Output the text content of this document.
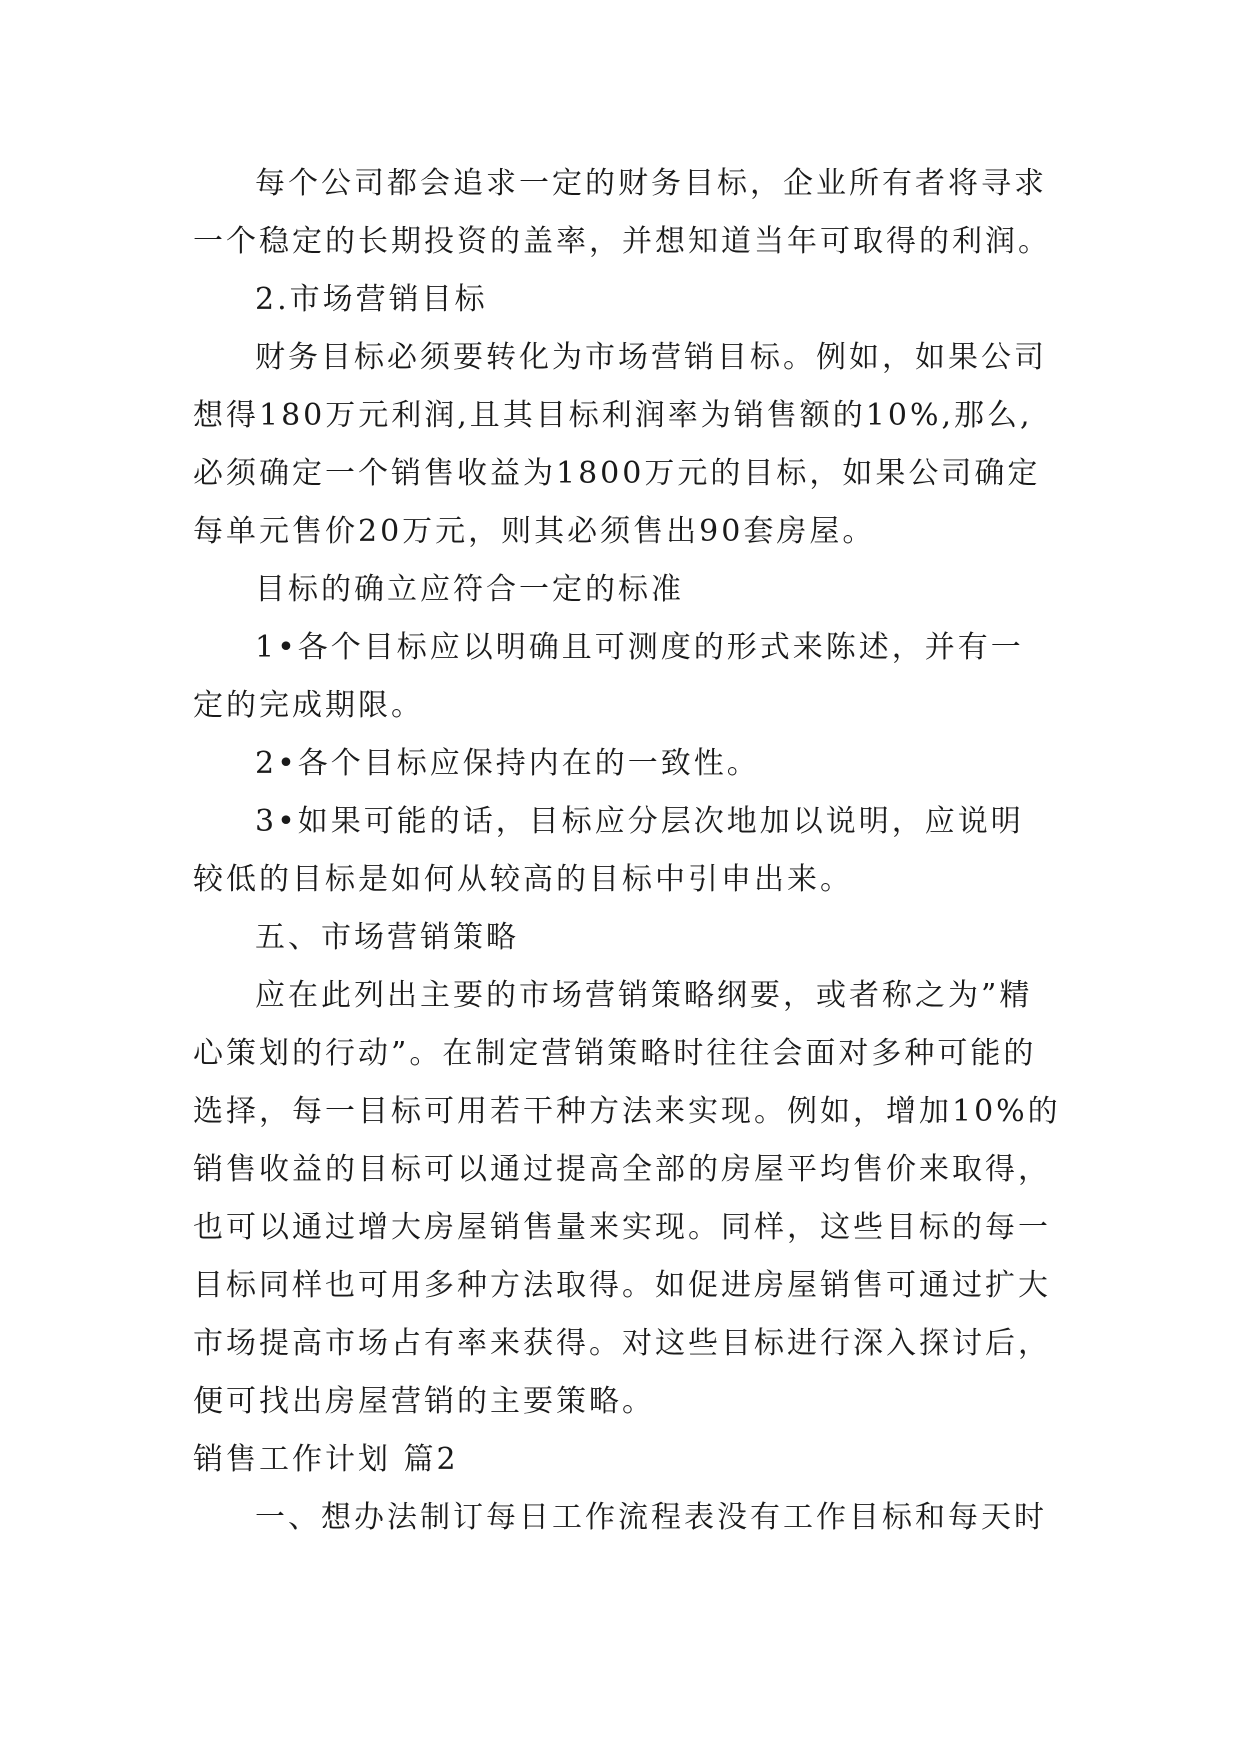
每个公司都会追求一定的财务目标，企业所有者将寻求
一个稳定的长期投资的盖率，并想知道当年可取得的利润。
2.市场营销目标
财务目标必须要转化为市场营销目标。例如，如果公司
想得180万元利润,且其目标利润率为销售额的10%,那么,
必须确定一个销售收益为1800万元的目标，如果公司确定
每单元售价20万元，则其必须售出90套房屋。
目标的确立应符合一定的标准
1•各个目标应以明确且可测度的形式来陈述，并有一
定的完成期限。
2•各个目标应保持内在的一致性。
3•如果可能的话，目标应分层次地加以说明，应说明
较低的目标是如何从较高的目标中引申出来。
五、市场营销策略
应在此列出主要的市场营销策略纲要，或者称之为”精
心策划的行动”。在制定营销策略时往往会面对多种可能的
选择，每一目标可用若干种方法来实现。例如，增加10%的
销售收益的目标可以通过提高全部的房屋平均售价来取得，
也可以通过增大房屋销售量来实现。同样，这些目标的每一
目标同样也可用多种方法取得。如促进房屋销售可通过扩大
市场提高市场占有率来获得。对这些目标进行深入探讨后，
便可找出房屋营销的主要策略。
销售工作计划 篇2
一、想办法制订每日工作流程表没有工作目标和每天时
